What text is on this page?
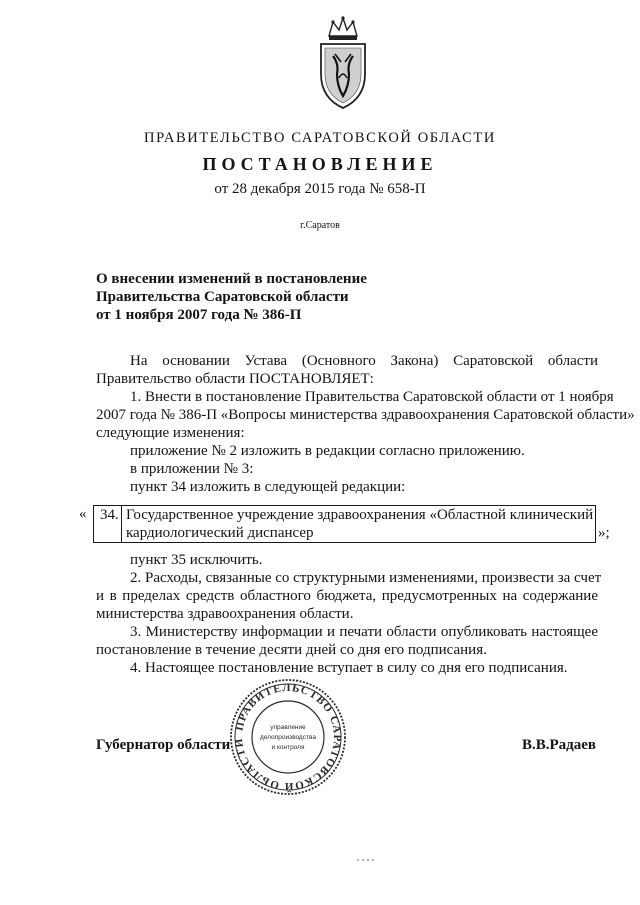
ПРАВИТЕЛЬСТВО САРАТОВСКОЙ ОБЛАСТИ
ПОСТАНОВЛЕНИЕ
от 28 декабря 2015 года № 658-П
г.Саратов
О внесении изменений в постановление
Правительства Саратовской области
от 1 ноября 2007 года № 386-П
На основании Устава (Основного Закона) Саратовской области
Правительство области ПОСТАНОВЛЯЕТ:
1. Внести в постановление Правительства Саратовской области от 1 ноября
2007 года № 386-П «Вопросы министерства здравоохранения Саратовской области»
следующие изменения:
приложение № 2 изложить в редакции согласно приложению.
в приложении № 3:
пункт 34 изложить в следующей редакции:
« 34. Государственное учреждение здравоохранения «Областной клинический
кардиологический диспансер	»;
пункт 35 исключить.
2. Расходы, связанные со структурными изменениями, произвести за счет
и в пределах средств областного бюджета, предусмотренных на содержание
министерства здравоохранения области.
3. Министерству информации и печати области опубликовать настоящее
постановление в течение десяти дней со дня его подписания.
4. Настоящее постановление вступает в силу со дня его подписания.
ПРАВИТЕЛЬСТВО САРАТОВСКОЙ ОБЛАСТИ
управление
делопроизводства
и контроля
Губернатор области	В.В.Радаев
